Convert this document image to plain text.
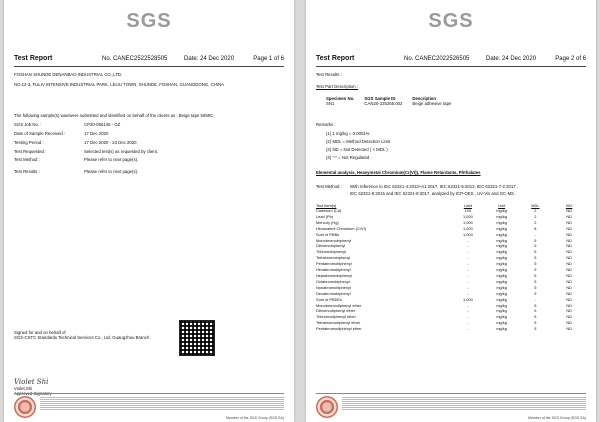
SGS
Test Report	No. CANEC2522528505	Date: 24 Dec 2020	Page 1 of 6
FOSHAN SHUNDE DENANBAO INDUSTRIAL CO.,LTD.
NO.12-3, FULIV INTENSIVE INDUSTRIAL PARK, LELIU TOWN, SHUNDE, FOSHAN, GUANGDONG, CHINA
The following sample(s) was/were submitted and identified on behalf of the clients as : Beige tape 50MIC
SGS Job No. :	CP20-066145 - GZ
Date of Sample Received :	17 Dec 2020
Testing Period :	17 Dec 2020 - 23 Dec 2020
Test Requested :	Selected test(s) as requested by client.
Test Method :	Please refer to next page(s).
Test Results :	Please refer to next page(s).
Signed for and on behalf of
SGS-CSTC Standards Technical Services Co., Ltd. Guangzhou Branch
Violet Shi
Violet,Shi
Approved Signatory
Member of the SGS Group (SGS SA)
SGS
Test Report	No. CANEC2022526505	Date: 24 Dec 2020	Page 2 of 6
Test Results :
Test Part Description :
Specimen No.	SGS Sample ID	Description
SN1	CAN20-225265.002	Beige adhesive tape
Remarks :
(1) 1 mg/kg = 0.0001%
(2) MDL = Method Detection Limit
(3) ND = Not Detected ( < MDL )
(4) "-" = Not Regulated
Elemental analysis, Heavymetal Chromium(Cr(VI)), Flame Retardants, Phthalates
Test Method : With reference to IEC 62321-4:2013+A1:2017, IEC 62321-5:2013, IEC 62321-7-2:2017 ,
IEC 62321-6:2015 and IEC 62321-8:2017, analyzed by ICP-OES , UV-Vis and GC-MS .
Test Item(s)	Limit	Unit	MDL	002
Cadmium (Cd)	100	mg/kg	2	ND
Lead (Pb)	1,000	mg/kg	2	ND
Mercury (Hg)	1,000	mg/kg	2	ND
Hexavalent Chromium (CrVI)	1,000	mg/kg	8	ND
Sum of PBBs	1,000	mg/kg	-	ND
Monobromobiphenyl	-	mg/kg	5	ND
Dibromobiphenyl	-	mg/kg	5	ND
Tribromobiphenyl	-	mg/kg	5	ND
Tetrabromobiphenyl	-	mg/kg	5	ND
Pentabromobiphenyl	-	mg/kg	5	ND
Hexabromobiphenyl	-	mg/kg	5	ND
Heptabromobiphenyl	-	mg/kg	5	ND
Octabromobiphenyl	-	mg/kg	5	ND
Nonabromobiphenyl	-	mg/kg	5	ND
Decabromobiphenyl	-	mg/kg	5	ND
Sum of PBDEs	1,000	mg/kg	-	ND
Monobromodiphenyl ether	-	mg/kg	5	ND
Dibromodiphenyl ether	-	mg/kg	5	ND
Tribromodiphenyl ether	-	mg/kg	5	ND
Tetrabromodiphenyl ether	-	mg/kg	5	ND
Pentabromodiphenyl ether	-	mg/kg	5	ND
Member of the SGS Group (SGS SA)
